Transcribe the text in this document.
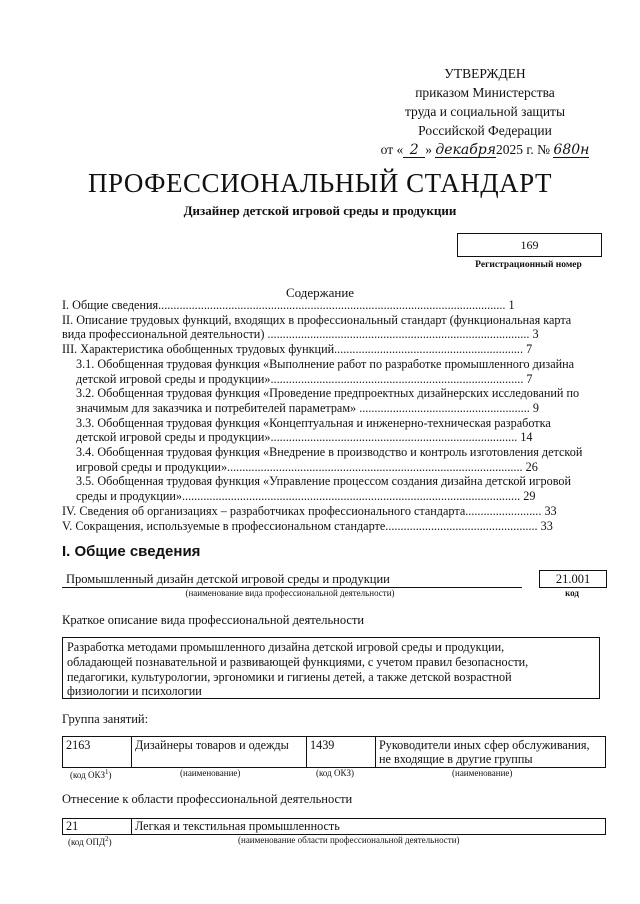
УТВЕРЖДЕН
приказом Министерства
труда и социальной защиты
Российской Федерации
от « 2 » декабря2025 г. № 680н
ПРОФЕССИОНАЛЬНЫЙ СТАНДАРТ
Дизайнер детской игровой среды и продукции
169
Регистрационный номер
Содержание
I. Общие сведения.................................................................................................................. 1
II. Описание трудовых функций, входящих в профессиональный стандарт (функциональная карта
вида профессиональной деятельности) ...................................................................................... 3
III. Характеристика обобщенных трудовых функций.............................................................. 7
3.1. Обобщенная трудовая функция «Выполнение работ по разработке промышленного дизайна
детской игровой среды и продукции»................................................................................... 7
3.2. Обобщенная трудовая функция «Проведение предпроектных дизайнерских исследований по
значимым для заказчика и потребителей параметрам» ........................................................ 9
3.3. Обобщенная трудовая функция «Концептуальная и инженерно-техническая разработка
детской игровой среды и продукции»................................................................................. 14
3.4. Обобщенная трудовая функция «Внедрение в производство и контроль изготовления детской
игровой среды и продукции»................................................................................................. 26
3.5. Обобщенная трудовая функция «Управление процессом создания дизайна детской игровой
среды и продукции»............................................................................................................... 29
IV. Сведения об организациях – разработчиках профессионального стандарта......................... 33
V. Сокращения, используемые в профессиональном стандарте.................................................. 33
I. Общие сведения
Промышленный дизайн детской игровой среды и продукции
(наименование вида профессиональной деятельности)
21.001
код
Краткое описание вида профессиональной деятельности
Разработка методами промышленного дизайна детской игровой среды и продукции,
обладающей познавательной и развивающей функциями, с учетом правил безопасности,
педагогики, культурологии, эргономики и гигиены детей, а также детской возрастной
физиологии и психологии
Группа занятий:
2163	Дизайнеры товаров и одежды	1439	Руководители иных сфер обслуживания, не входящие в другие группы
(код ОКЗ$^1$)	(наименование)	(код ОКЗ)	(наименование)
Отнесение к области профессиональной деятельности
21	Легкая и текстильная промышленность
(код ОПД$^2$)	(наименование области профессиональной деятельности)
